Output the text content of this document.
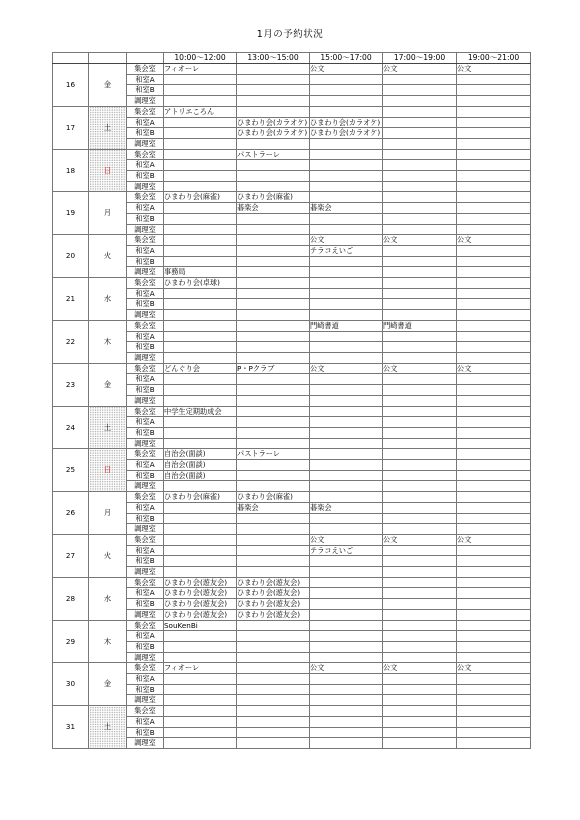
1月の予約状況
			10:00～12:00	13:00～15:00	15:00～17:00	17:00～19:00	19:00～21:00
16	金	集会室	フィオーレ		公文	公文	公文
		和室A					
		和室B					
		調理室					
17	土	集会室	アトリエころん				
		和室A		ひまわり会(カラオケ)	ひまわり会(カラオケ)		
		和室B		ひまわり会(カラオケ)	ひまわり会(カラオケ)		
		調理室					
18	日	集会室		パストラーレ			
		和室A					
		和室B					
		調理室					
19	月	集会室	ひまわり会(麻雀)	ひまわり会(麻雀)			
		和室A		碁楽会	碁楽会		
		和室B					
		調理室					
20	火	集会室			公文	公文	公文
		和室A			テラコえいご		
		和室B					
		調理室	事務局				
21	水	集会室	ひまわり会(卓球)				
		和室A					
		和室B					
		調理室					
22	木	集会室			門崎書道	門崎書道	
		和室A					
		和室B					
		調理室					
23	金	集会室	どんぐり会	P・Pクラブ	公文	公文	公文
		和室A					
		和室B					
		調理室					
24	土	集会室	中学生定期助成会				
		和室A					
		和室B					
		調理室					
25	日	集会室	自治会(面談)	パストラーレ			
		和室A	自治会(面談)				
		和室B	自治会(面談)				
		調理室					
26	月	集会室	ひまわり会(麻雀)	ひまわり会(麻雀)			
		和室A		碁楽会	碁楽会		
		和室B					
		調理室					
27	火	集会室			公文	公文	公文
		和室A			テラコえいご		
		和室B					
		調理室					
28	水	集会室	ひまわり会(遊友会)	ひまわり会(遊友会)			
		和室A	ひまわり会(遊友会)	ひまわり会(遊友会)			
		和室B	ひまわり会(遊友会)	ひまわり会(遊友会)			
		調理室	ひまわり会(遊友会)	ひまわり会(遊友会)			
29	木	集会室	SouKenBi				
		和室A					
		和室B					
		調理室					
30	金	集会室	フィオーレ		公文	公文	公文
		和室A					
		和室B					
		調理室					
31	土	集会室					
		和室A					
		和室B					
		調理室					
